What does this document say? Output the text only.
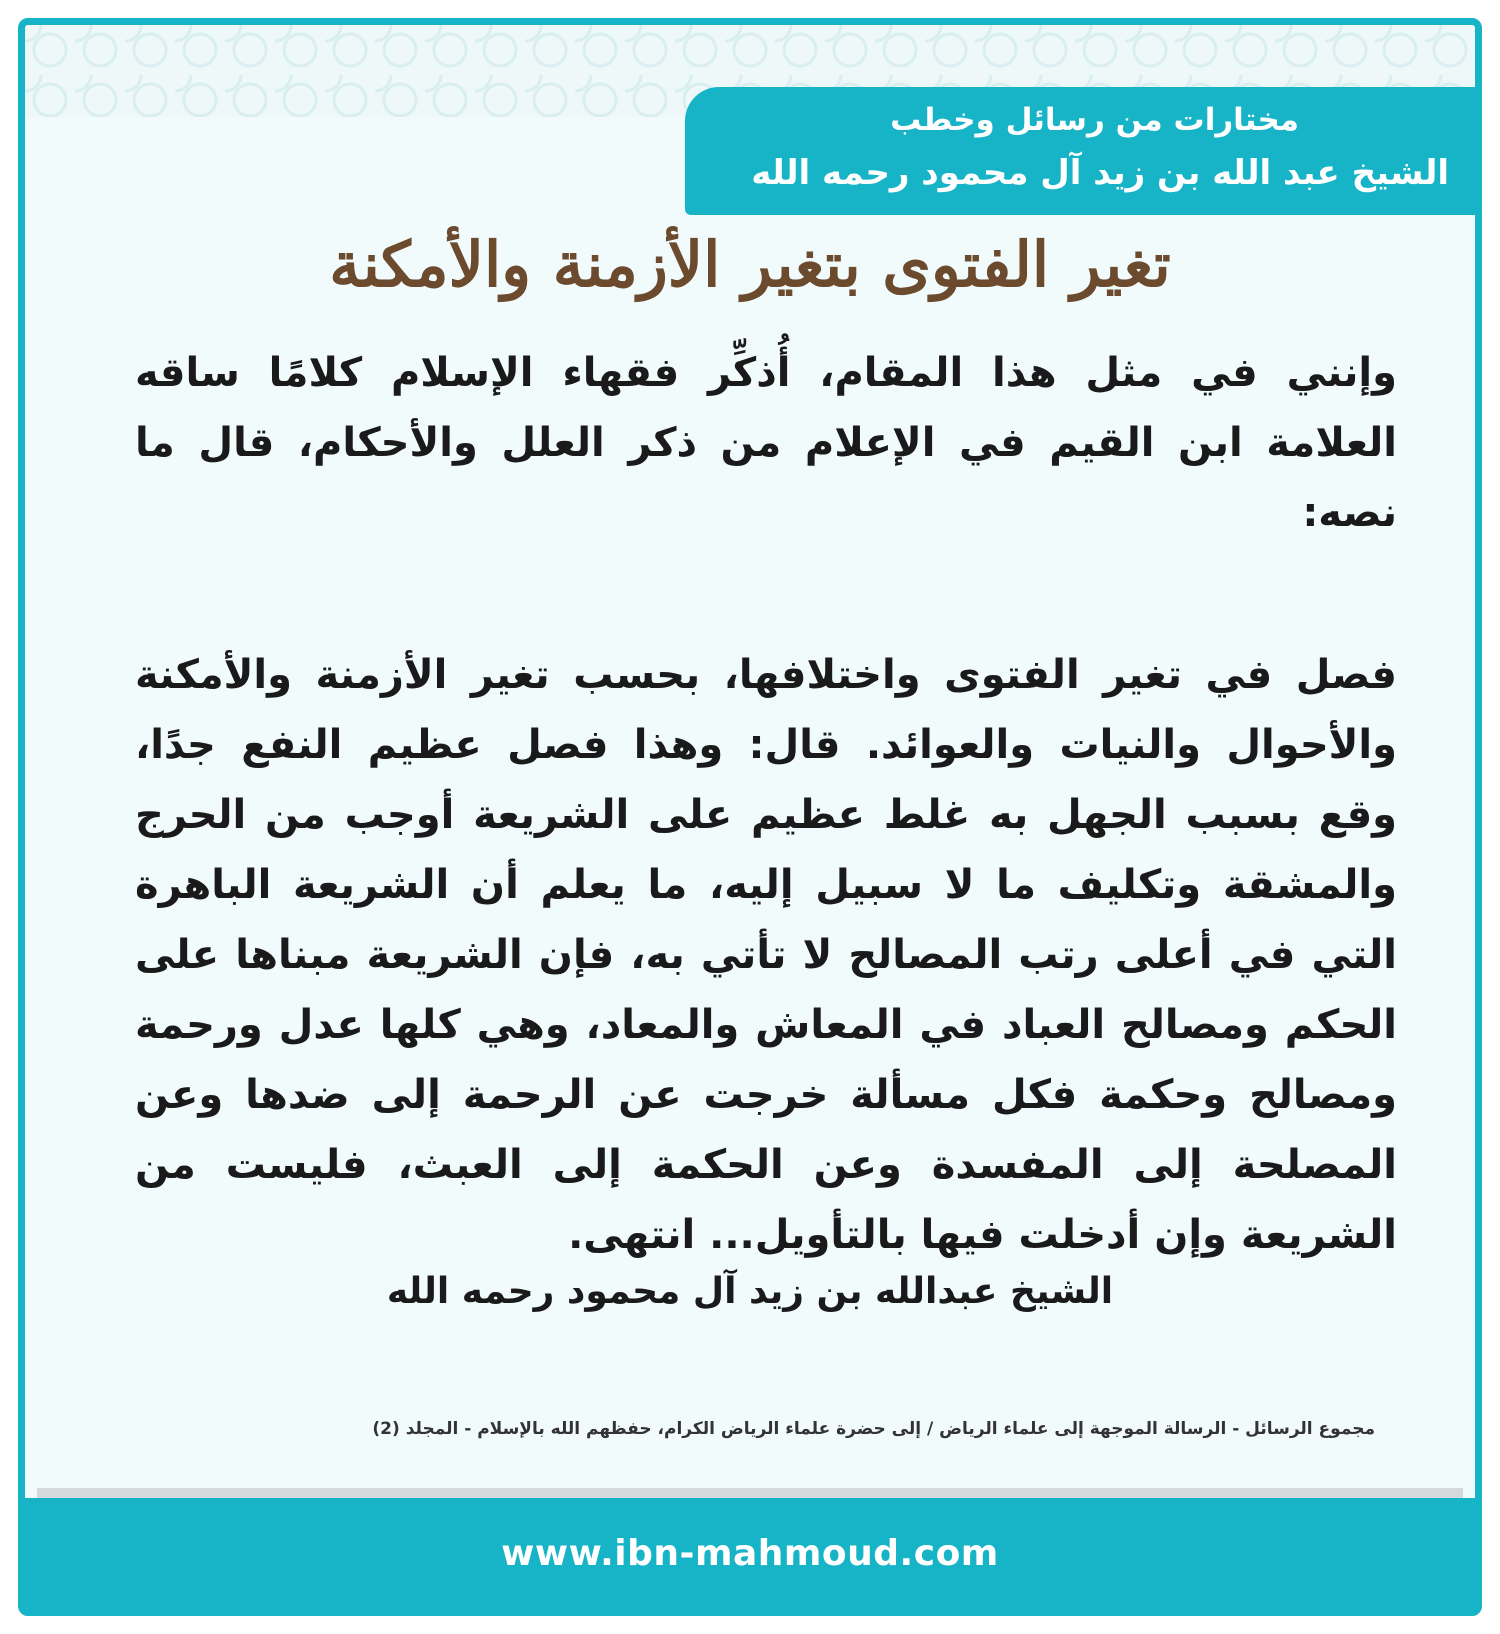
مختارات من رسائل وخطب
الشيخ عبد الله بن زيد آل محمود رحمه الله
تغير الفتوى بتغير الأزمنة والأمكنة

وإنني في مثل هذا المقام، أُذكِّر فقهاء الإسلام كلامًا ساقه العلامة ابن القيم في الإعلام من ذكر العلل والأحكام، قال ما نصه:

فصل في تغير الفتوى واختلافها، بحسب تغير الأزمنة والأمكنة والأحوال والنيات والعوائد. قال: وهذا فصل عظيم النفع جدًا، وقع بسبب الجهل به غلط عظيم على الشريعة أوجب من الحرج والمشقة وتكليف ما لا سبيل إليه، ما يعلم أن الشريعة الباهرة التي في أعلى رتب المصالح لا تأتي به، فإن الشريعة مبناها على الحكم ومصالح العباد في المعاش والمعاد، وهي كلها عدل ورحمة ومصالح وحكمة فكل مسألة خرجت عن الرحمة إلى ضدها وعن المصلحة إلى المفسدة وعن الحكمة إلى العبث، فليست من الشريعة وإن أدخلت فيها بالتأويل... انتهى.

الشيخ عبدالله بن زيد آل محمود رحمه الله
مجموع الرسائل - الرسالة الموجهة إلى علماء الرياض / إلى حضرة علماء الرياض الكرام، حفظهم الله بالإسلام - المجلد (2)
www.ibn-mahmoud.com
